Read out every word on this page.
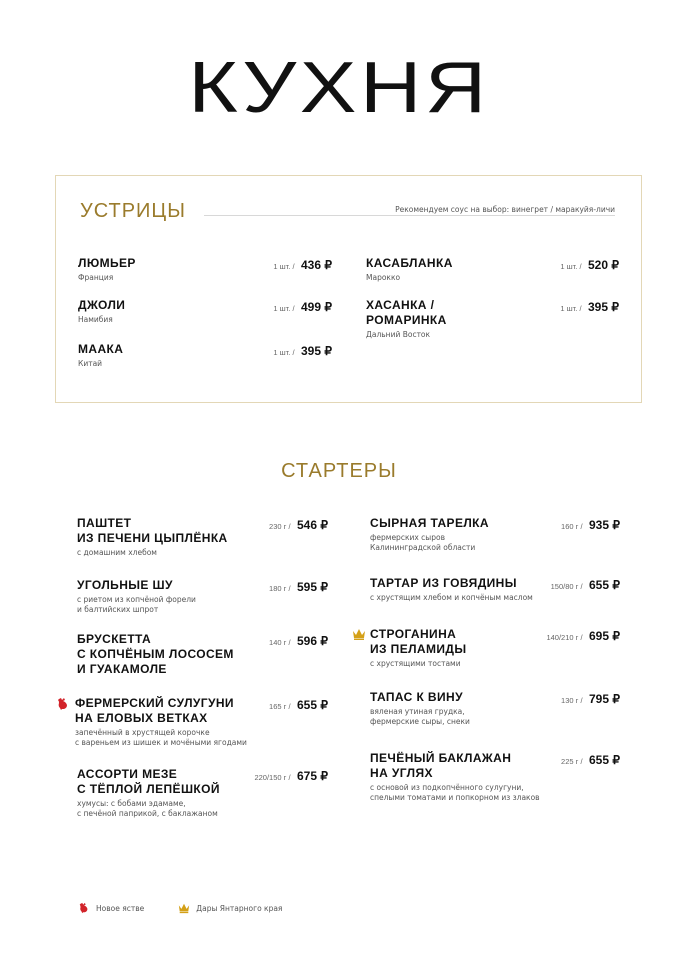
КУХНЯ
УСТРИЦЫ	Рекомендуем соус на выбор: винегрет / маракуйя-личи
ЛЮМЬЕР
Франция
1 шт. / 436 ₽
ДЖОЛИ
Намибия
1 шт. / 499 ₽
МААКА
Китай
1 шт. / 395 ₽
КАСАБЛАНКА
Марокко
1 шт. / 520 ₽
ХАСАНКА /
РОМАРИНКА
Дальний Восток
1 шт. / 395 ₽
СТАРТЕРЫ
ПАШТЕТ
ИЗ ПЕЧЕНИ ЦЫПЛЁНКА
с домашним хлебом
230 г / 546 ₽
УГОЛЬНЫЕ ШУ
с риетом из копчёной форели
и балтийских шпрот
180 г / 595 ₽
БРУСКЕТТА
С КОПЧЁНЫМ ЛОСОСЕМ
И ГУАКАМОЛЕ
140 г / 596 ₽
ФЕРМЕРСКИЙ СУЛУГУНИ
НА ЕЛОВЫХ ВЕТКАХ
запечённый в хрустящей корочке
с вареньем из шишек и мочёными ягодами
165 г / 655 ₽
АССОРТИ МЕЗЕ
С ТЁПЛОЙ ЛЕПЁШКОЙ
хумусы: с бобами эдамаме,
с печёной паприкой, с баклажаном
220/150 г / 675 ₽
СЫРНАЯ ТАРЕЛКА
фермерских сыров
Калининградской области
160 г / 935 ₽
ТАРТАР ИЗ ГОВЯДИНЫ
с хрустящим хлебом и копчёным маслом
150/80 г / 655 ₽
СТРОГАНИНА
ИЗ ПЕЛАМИДЫ
с хрустящими тостами
140/210 г / 695 ₽
ТАПАС К ВИНУ
вяленая утиная грудка,
фермерские сыры, снеки
130 г / 795 ₽
ПЕЧЁНЫЙ БАКЛАЖАН
НА УГЛЯХ
с основой из подкопчённого сулугуни,
спелыми томатами и попкорном из злаков
225 г / 655 ₽
Новое ястве	Дары Янтарного края
